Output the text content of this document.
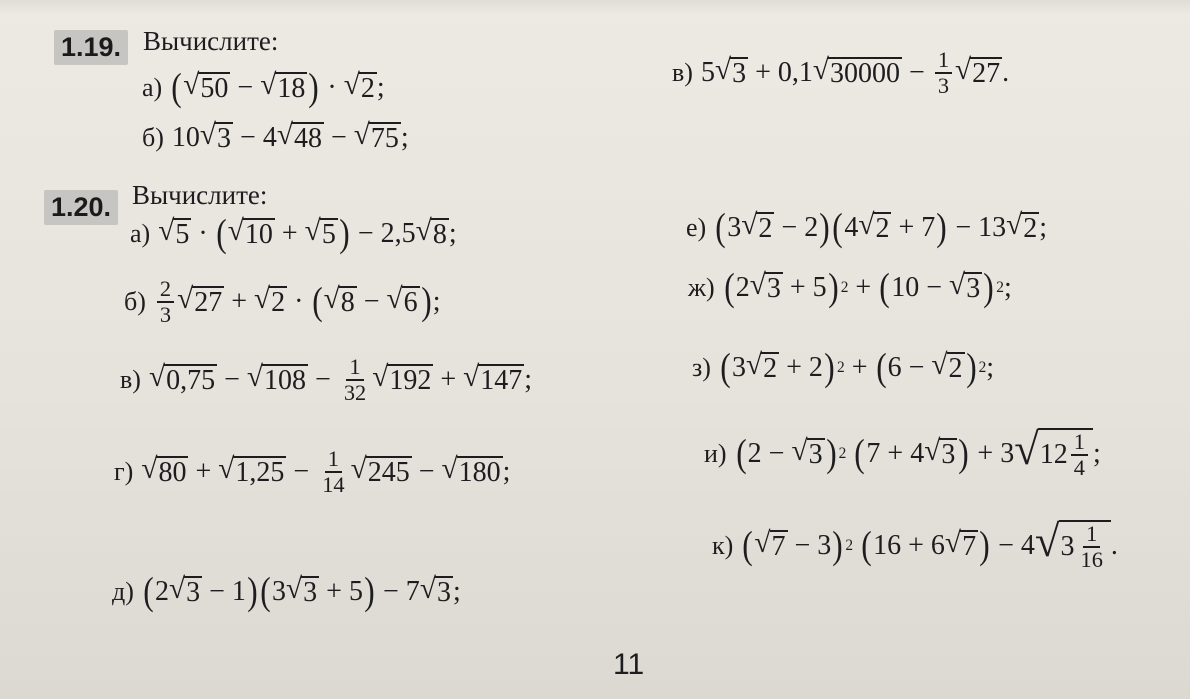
1.19. Вычислите:
а) ( √ 50 − √ 18 ) · √ 2 ;
б) 10 √ 3 − 4 √ 48 − √ 75 ;
в) 5 √ 3 + 0,1 √ $30000 - \frac{1}{3}$ √ 27 .
1.20. Вычислите:
а) √ 5 · ( √ 10 + √ 5 ) − 2,5 √ 8 ;
$б) \frac{2}{3}$ √ 27 + √ 2 · ( √ 8 − √ 6 ) ;
в) √ 0,75 − √ $108 - \frac{1}{32}$ √ 192 + √ 147 ;
г) √ 80 + √ $1,25 - \frac{1}{14}$ √ 245 − √ 180 ;
д) ( 2 √ 3 − 1 ) ( 3 √ 3 + 5 ) − 7 √ 3 ;
е) ( 3 √ 2 − 2 ) ( 4 √ 2 + 7 ) − 13 √ 2 ;
ж) ( 2 √ 3 + 5 ) 2 + ( 10 − √ 3 ) 2 ;
з) ( 3 √ 2 + 2 ) 2 + ( 6 − √ 2 ) 2 ;
и) ( 2 − √ 3 ) 2
( 7 + 4 √ 3 ) + 3 √ $12 \frac{1}{4}$ ;
к) ( √ 7 − 3 ) 2
( 16 + 6 √ 7 ) − 4 √ $3 \frac{1}{16}$ .
11
